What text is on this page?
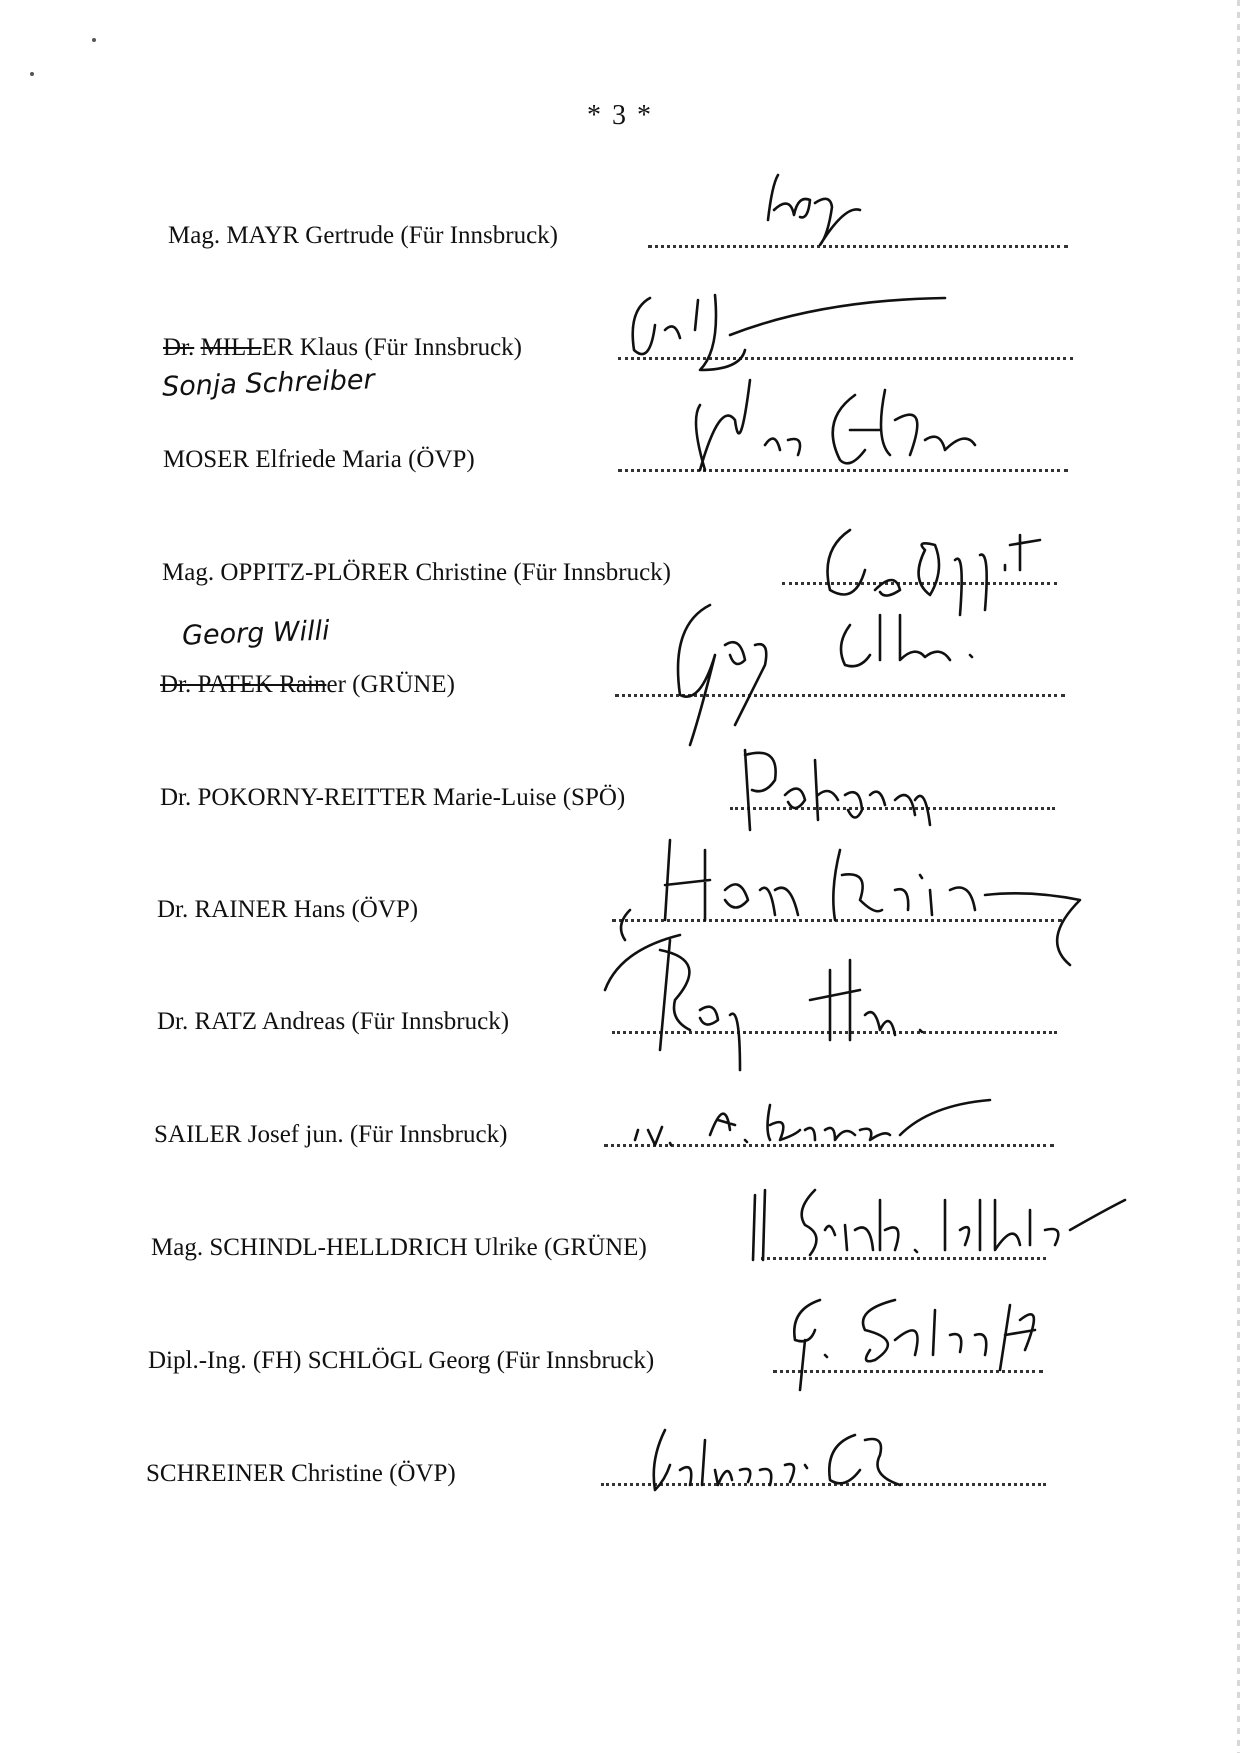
* 3 *
Mag. MAYR Gertrude (Für Innsbruck)
Dr. MILLER Klaus (Für Innsbruck)
Sonja Schreiber
MOSER Elfriede Maria (ÖVP)
Mag. OPPITZ-PLÖRER Christine (Für Innsbruck)
Dr. PATEK Rainer (GRÜNE)
Georg Willi
Dr. POKORNY-REITTER Marie-Luise (SPÖ)
Dr. RAINER Hans (ÖVP)
Dr. RATZ Andreas (Für Innsbruck)
SAILER Josef jun. (Für Innsbruck)
Mag. SCHINDL-HELLDRICH Ulrike (GRÜNE)
Dipl.-Ing. (FH) SCHLÖGL Georg (Für Innsbruck)
SCHREINER Christine (ÖVP)
